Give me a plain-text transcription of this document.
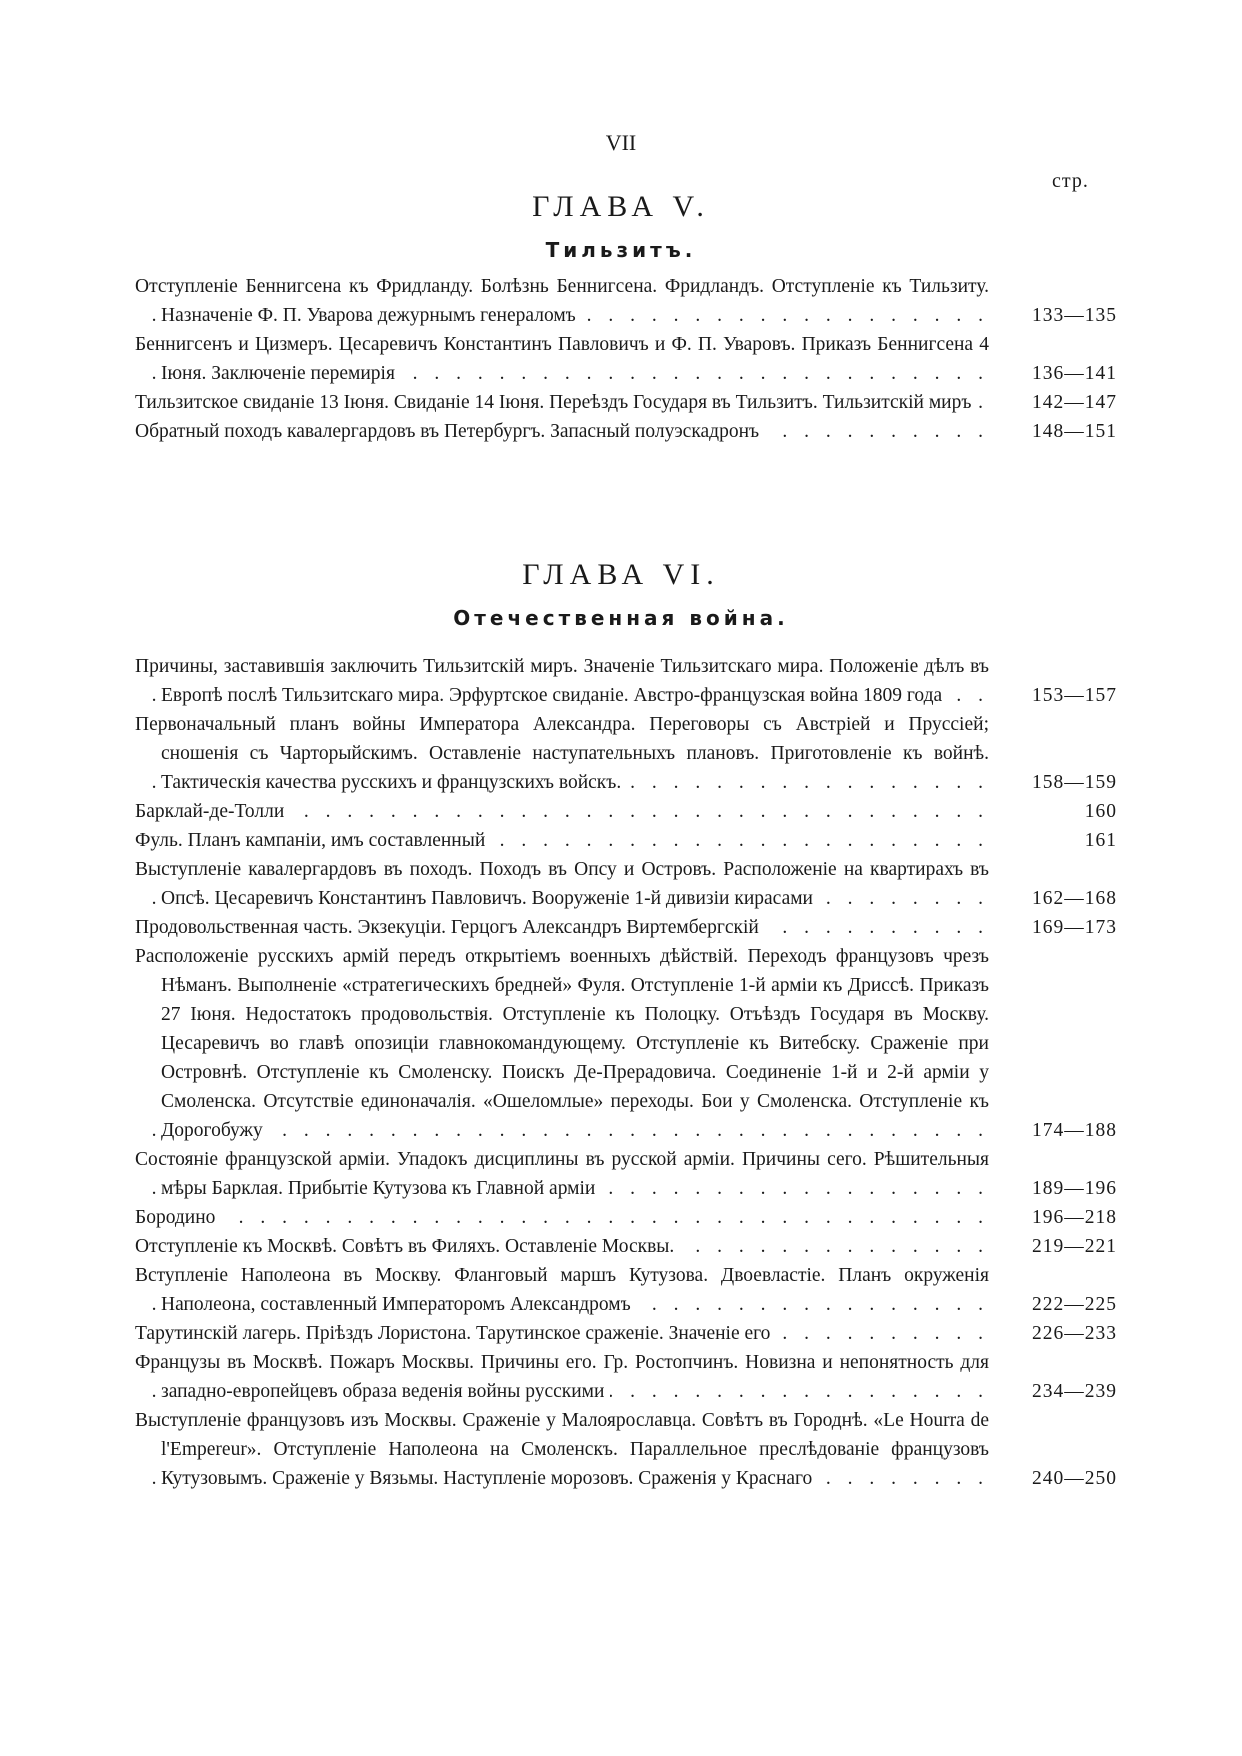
VII
стр.
ГЛАВА V.
Тильзитъ.
Отступленіе Беннигсена къ Фридланду. Болѣзнь Беннигсена. Фридландъ. Отступленіе къ Тильзиту. Назначеніе Ф. П. Уварова дежурнымъ генераломъ . . .	133—135
Беннигсенъ и Цизмеръ. Цесаревичъ Константинъ Павловичъ и Ф. П. Уваровъ. Приказъ Беннигсена 4 Іюня. Заключеніе перемирія . . .	136—141
Тильзитское свиданіе 13 Іюня. Свиданіе 14 Іюня. Переѣздъ Государя въ Тильзитъ. Тильзитскій миръ . . .	142—147
Обратный походъ кавалергардовъ въ Петербургъ. Запасный полуэскадронъ . . .	148—151
ГЛАВА VI.
Отечественная война.
Причины, заставившія заключить Тильзитскій миръ. Значеніе Тильзитскаго мира. Положеніе дѣлъ въ Европѣ послѣ Тильзитскаго мира. Эрфуртское свиданіе. Австро-французская война 1809 года . . .	153—157
Первоначальный планъ войны Императора Александра. Переговоры съ Австріей и Пруссіей; сношенія съ Чарторыйскимъ. Оставленіе наступательныхъ плановъ. Приготовленіе къ войнѣ. Тактическія качества русскихъ и французскихъ войскъ. . . .	158—159
Барклай-де-Толли . . .	160
Фуль. Планъ кампаніи, имъ составленный . . .	161
Выступленіе кавалергардовъ въ походъ. Походъ въ Опсу и Островъ. Расположеніе на квартирахъ въ Опсѣ. Цесаревичъ Константинъ Павловичъ. Вооруженіе 1-й дивизіи кирасами . . .	162—168
Продовольственная часть. Экзекуціи. Герцогъ Александръ Виртембергскій . . .	169—173
Расположеніе русскихъ армій передъ открытіемъ военныхъ дѣйствій. Переходъ французовъ чрезъ Нѣманъ. Выполненіе «стратегическихъ бредней» Фуля. Отступленіе 1-й арміи къ Дриссѣ. Приказъ 27 Іюня. Недостатокъ продовольствія. Отступленіе къ Полоцку. Отъѣздъ Государя въ Москву. Цесаревичъ во главѣ опозиціи главнокомандующему. Отступленіе къ Витебску. Сраженіе при Островнѣ. Отступленіе къ Смоленску. Поискъ Де-Прерадовича. Соединеніе 1-й и 2-й арміи у Смоленска. Отсутствіе единоначалія. «Ошеломлые» переходы. Бои у Смоленска. Отступленіе къ Дорогобужу . . .	174—188
Состояніе французской арміи. Упадокъ дисциплины въ русской арміи. Причины сего. Рѣшительныя мѣры Барклая. Прибытіе Кутузова къ Главной арміи . . .	189—196
Бородино . . .	196—218
Отступленіе къ Москвѣ. Совѣтъ въ Филяхъ. Оставленіе Москвы. . . .	219—221
Вступленіе Наполеона въ Москву. Фланговый маршъ Кутузова. Двоевластіе. Планъ окруженія Наполеона, составленный Императоромъ Александромъ . . .	222—225
Тарутинскій лагерь. Пріѣздъ Лористона. Тарутинское сраженіе. Значеніе его . . .	226—233
Французы въ Москвѣ. Пожаръ Москвы. Причины его. Гр. Ростопчинъ. Новизна и непонятность для западно-европейцевъ образа веденія войны русскими . . .	234—239
Выступленіе французовъ изъ Москвы. Сраженіе у Малоярославца. Совѣтъ въ Городнѣ. «Le Hourra de l'Empereur». Отступленіе Наполеона на Смоленскъ. Параллельное преслѣдованіе французовъ Кутузовымъ. Сраженіе у Вязьмы. Наступленіе морозовъ. Сраженія у Краснаго . . .	240—250
